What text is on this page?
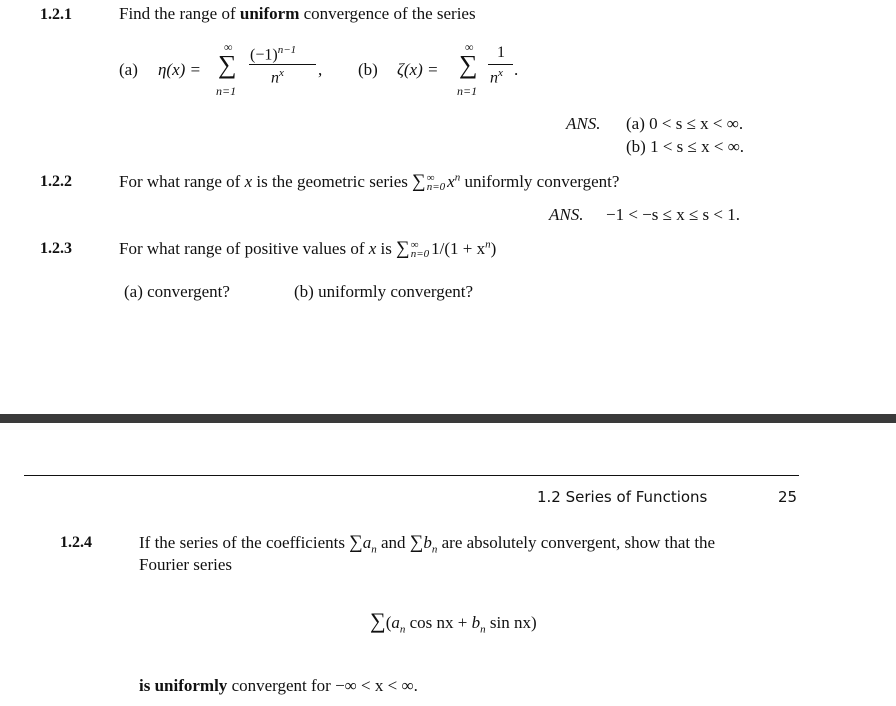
1.2.1	Find the range of uniform convergence of the series
(a) η(x) =
∞
∑
n=1
$(-1)^{n-1}$
$n^x$ , (b) ζ(x) =
∞
∑
n=1
1
$n^x$ .
ANS. (a) 0 < s ≤ x < ∞.
(b) 1 < s ≤ x < ∞.
1.2.2	For what range of x is the geometric series ∑ ∞
n=0 $x^n$ uniformly convergent?
ANS. −1 < −s ≤ x ≤ s < 1.
1.2.3	For what range of positive values of x is ∑ ∞
n=0 $1/(1 + x^n)$
(a) convergent?	(b) uniformly convergent?
1.2 Series of Functions	25
1.2.4	If the series of the coefficients $\sum a_n$ and $\sum b_n$ are absolutely convergent, show that the
Fourier series
$\sum(a_n$ cos nx + $b_n$ sin nx)
is uniformly convergent for −∞ < x < ∞.
